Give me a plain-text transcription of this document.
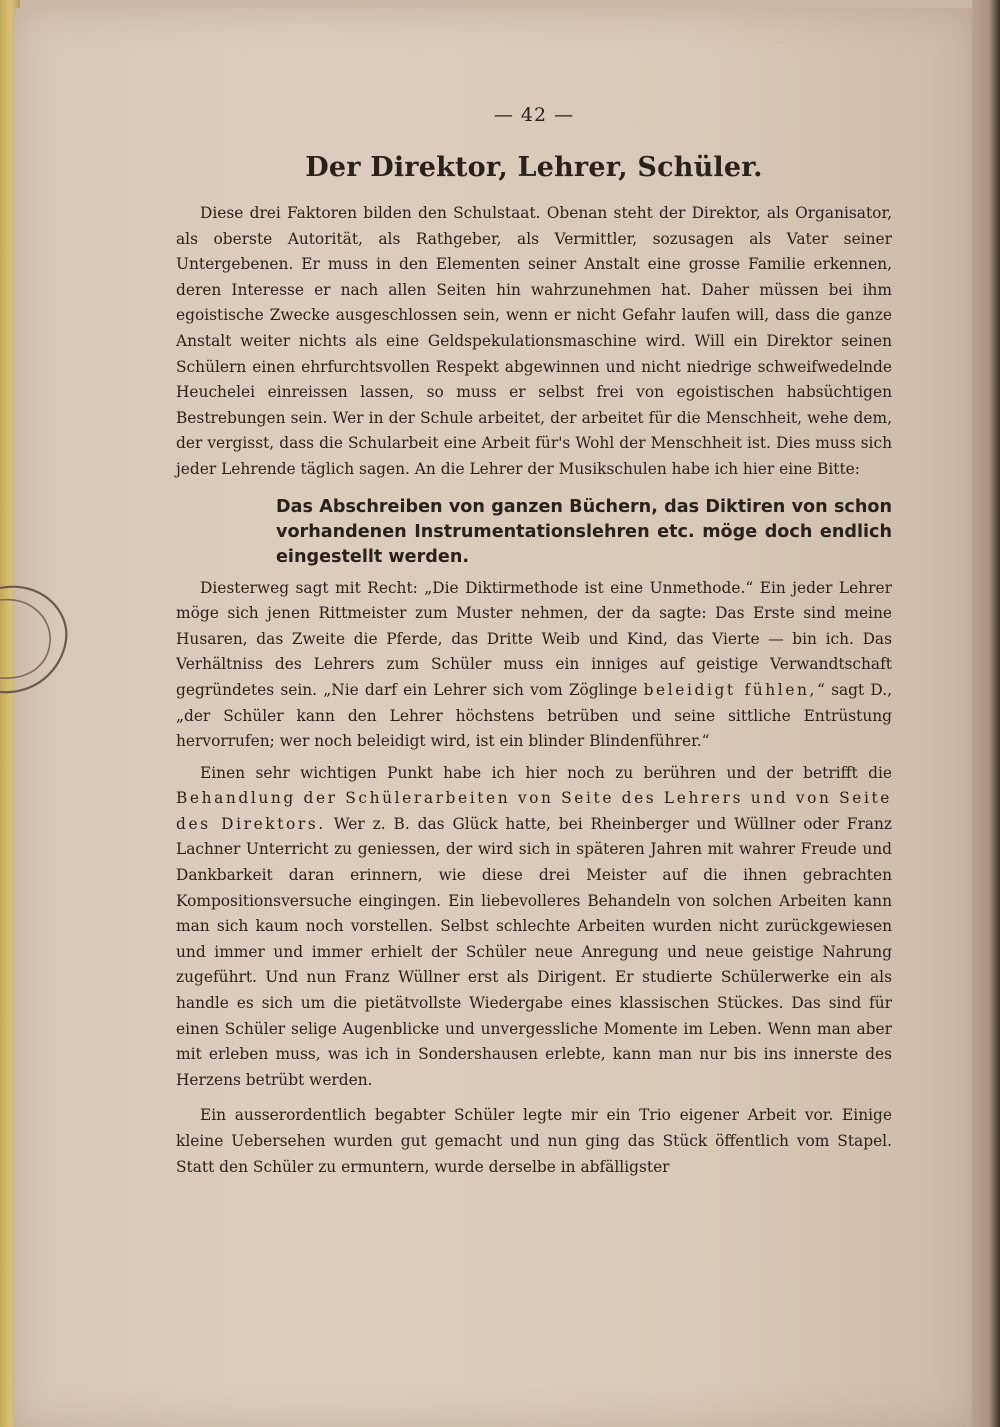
— 42 —
Der Direktor, Lehrer, Schüler.

Diese drei Faktoren bilden den Schulstaat. Obenan steht der Direktor, als Organisator, als oberste Autorität, als Rathgeber, als Vermittler, sozusagen als Vater seiner Untergebenen. Er muss in den Elementen seiner Anstalt eine grosse Familie erkennen, deren Interesse er nach allen Seiten hin wahrzunehmen hat. Daher müssen bei ihm egoistische Zwecke ausgeschlossen sein, wenn er nicht Gefahr laufen will, dass die ganze Anstalt weiter nichts als eine Geldspekulationsmaschine wird. Will ein Direktor seinen Schülern einen ehrfurchtsvollen Respekt abgewinnen und nicht niedrige schweifwedelnde Heuchelei einreissen lassen, so muss er selbst frei von egoistischen habsüchtigen Bestrebungen sein. Wer in der Schule arbeitet, der arbeitet für die Menschheit, wehe dem, der vergisst, dass die Schularbeit eine Arbeit für's Wohl der Menschheit ist. Dies muss sich jeder Lehrende täglich sagen. An die Lehrer der Musikschulen habe ich hier eine Bitte:

Das Abschreiben von ganzen Büchern, das Diktiren von schon vorhandenen Instrumentationslehren etc. möge doch endlich eingestellt werden.

Diesterweg sagt mit Recht: „Die Diktirmethode ist eine Unmethode.“ Ein jeder Lehrer möge sich jenen Rittmeister zum Muster nehmen, der da sagte: Das Erste sind meine Husaren, das Zweite die Pferde, das Dritte Weib und Kind, das Vierte — bin ich. Das Verhältniss des Lehrers zum Schüler muss ein inniges auf geistige Verwandtschaft gegründetes sein. „Nie darf ein Lehrer sich vom Zöglinge beleidigt fühlen,“ sagt D., „der Schüler kann den Lehrer höchstens betrüben und seine sittliche Entrüstung hervorrufen; wer noch beleidigt wird, ist ein blinder Blindenführer.“

Einen sehr wichtigen Punkt habe ich hier noch zu berühren und der betrifft die Behandlung der Schülerarbeiten von Seite des Lehrers und von Seite des Direktors. Wer z. B. das Glück hatte, bei Rheinberger und Wüllner oder Franz Lachner Unterricht zu geniessen, der wird sich in späteren Jahren mit wahrer Freude und Dankbarkeit daran erinnern, wie diese drei Meister auf die ihnen gebrachten Kompositionsversuche eingingen. Ein liebevolleres Behandeln von solchen Arbeiten kann man sich kaum noch vorstellen. Selbst schlechte Arbeiten wurden nicht zurückgewiesen und immer und immer erhielt der Schüler neue Anregung und neue geistige Nahrung zugeführt. Und nun Franz Wüllner erst als Dirigent. Er studierte Schülerwerke ein als handle es sich um die pietätvollste Wiedergabe eines klassischen Stückes. Das sind für einen Schüler selige Augenblicke und unvergessliche Momente im Leben. Wenn man aber mit erleben muss, was ich in Sondershausen erlebte, kann man nur bis ins innerste des Herzens betrübt werden.

Ein ausserordentlich begabter Schüler legte mir ein Trio eigener Arbeit vor. Einige kleine Uebersehen wurden gut gemacht und nun ging das Stück öffentlich vom Stapel. Statt den Schüler zu ermuntern, wurde derselbe in abfälligster
